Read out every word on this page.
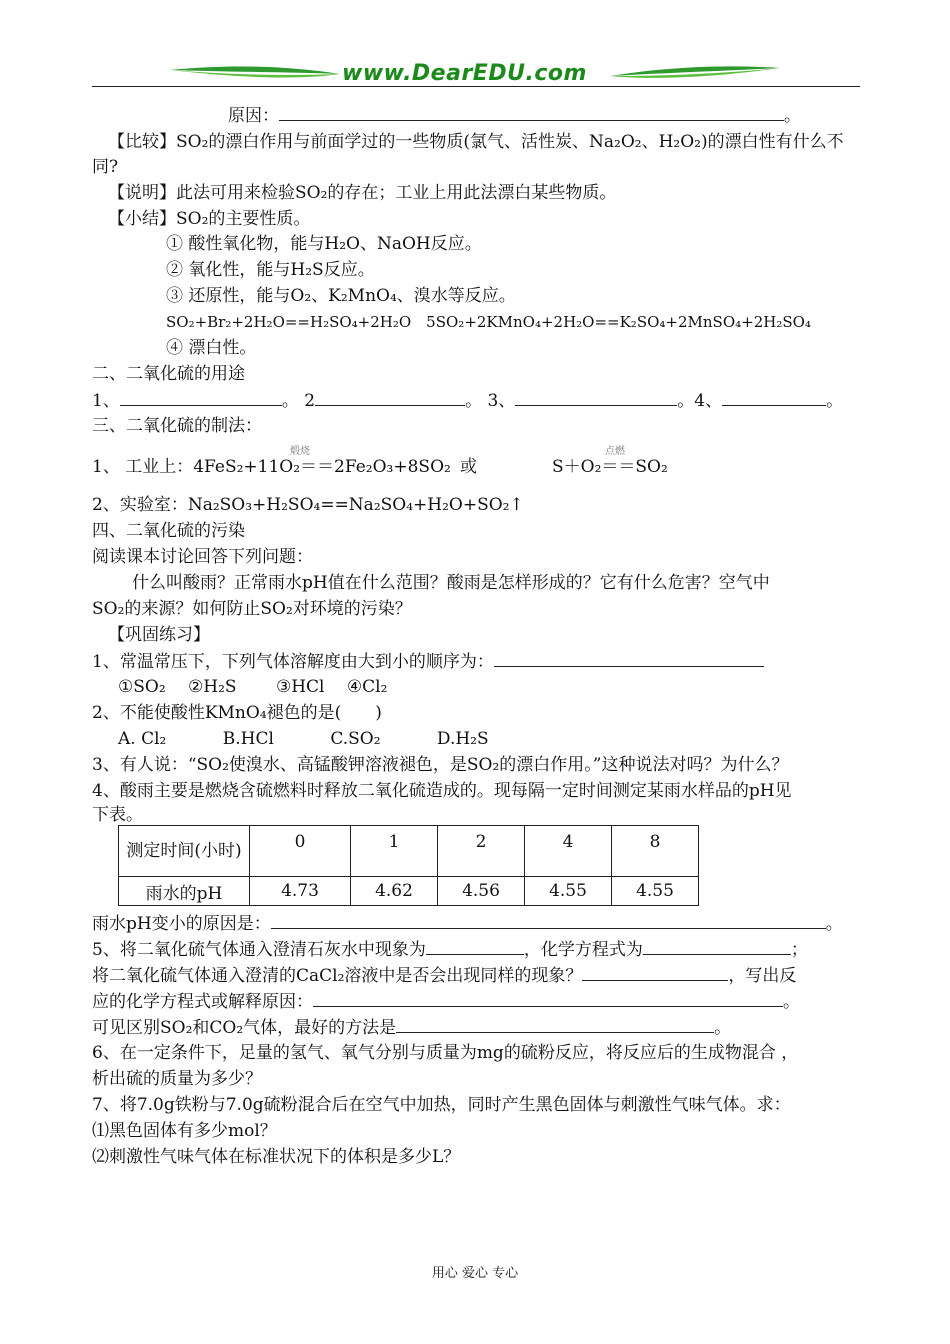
www.DearEDU.com
原因：	。
【比较】SO₂的漂白作用与前面学过的一些物质(氯气、活性炭、Na₂O₂、H₂O₂)的漂白性有什么不
同?
【说明】此法可用来检验SO₂的存在；工业上用此法漂白某些物质。
【小结】SO₂的主要性质。
① 酸性氧化物，能与H₂O、NaOH反应。
② 氧化性，能与H₂S反应。
③ 还原性，能与O₂、K₂MnO₄、溴水等反应。
SO₂+Br₂+2H₂O==H₂SO₄+2H₂O　5SO₂+2KMnO₄+2H₂O==K₂SO₄+2MnSO₄+2H₂SO₄
④ 漂白性。
二、二氧化硫的用途
1、	。 2	。 3、	。4、	。
三、二氧化硫的制法：
煅烧	点燃
1、 工业上：4FeS₂+11O₂＝＝2Fe₂O₃+8SO₂ 或	S＋O₂＝＝SO₂
2、实验室：Na₂SO₃+H₂SO₄==Na₂SO₄+H₂O+SO₂↑
四、二氧化硫的污染
阅读课本讨论回答下列问题：
什么叫酸雨？正常雨水pH值在什么范围？酸雨是怎样形成的？它有什么危害？空气中
SO₂的来源？如何防止SO₂对环境的污染？
【巩固练习】
1、常温常压下，下列气体溶解度由大到小的顺序为：
①SO₂　 ②H₂S　　 ③HCl　 ④Cl₂
2、不能使酸性KMnO₄褪色的是(　　)
A. Cl₂　　　 B.HCl　　　 C.SO₂　　　 D.H₂S
3、有人说：“SO₂使溴水、高锰酸钾溶液褪色，是SO₂的漂白作用。”这种说法对吗？为什么？
4、酸雨主要是燃烧含硫燃料时释放二氧化硫造成的。现每隔一定时间测定某雨水样品的pH见
下表。
测定时间(小时)	0	1	2	4	8
雨水的pH	4.73	4.62	4.56	4.55	4.55
雨水pH变小的原因是：	。
5、将二氧化硫气体通入澄清石灰水中现象为	，化学方程式为	；
将二氧化硫气体通入澄清的CaCl₂溶液中是否会出现同样的现象？	，写出反
应的化学方程式或解释原因：	。
可见区别SO₂和CO₂气体，最好的方法是	。
6、在一定条件下，足量的氢气、氧气分别与质量为mg的硫粉反应，将反应后的生成物混合 ，
析出硫的质量为多少？
7、将7.0g铁粉与7.0g硫粉混合后在空气中加热，同时产生黑色固体与刺激性气味气体。求：
⑴黑色固体有多少mol？
⑵刺激性气味气体在标准状况下的体积是多少L？
用心 爱心 专心
